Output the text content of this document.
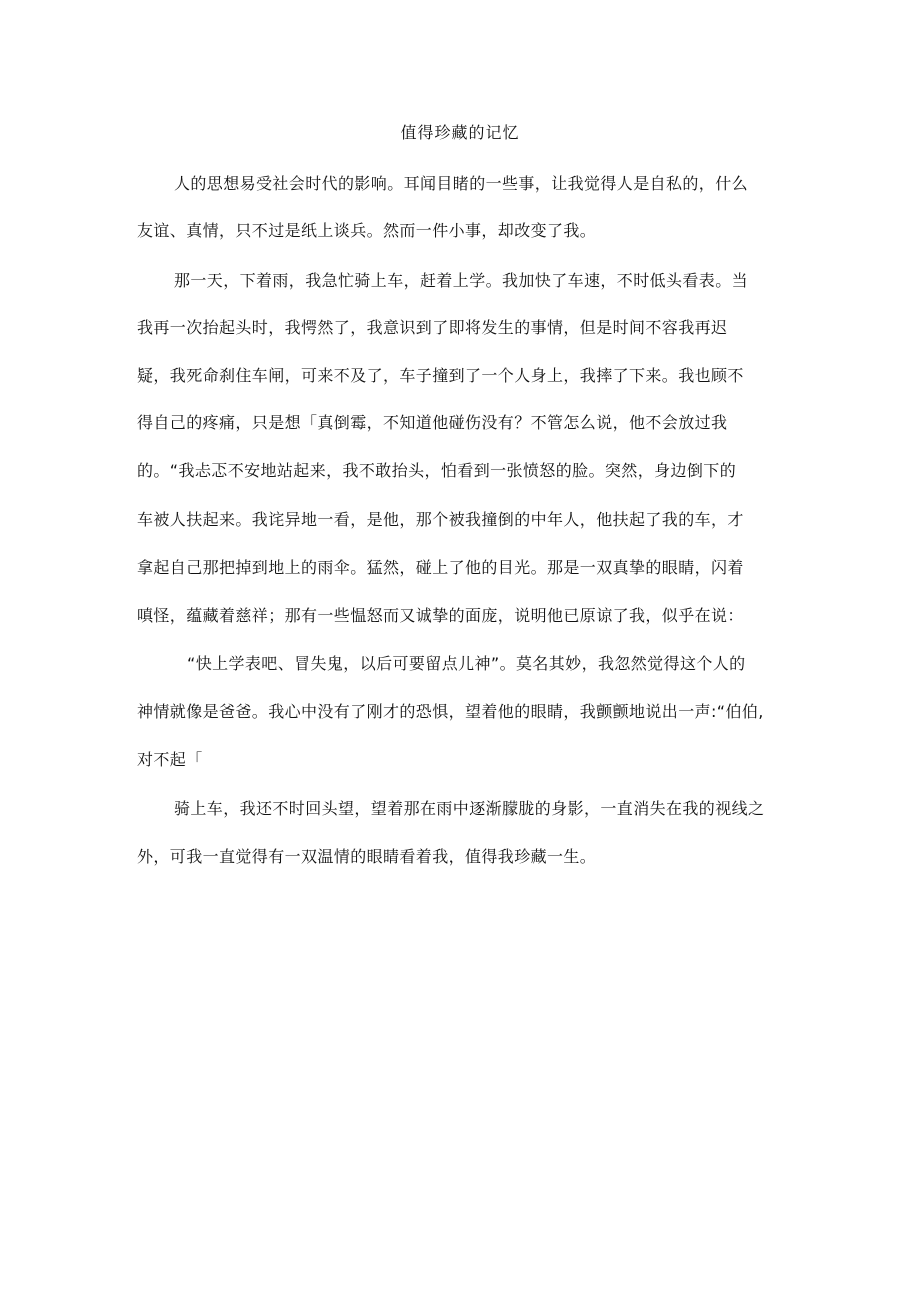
值得珍藏的记忆
人的思想易受社会时代的影响。耳闻目睹的一些事，让我觉得人是自私的，什么
友谊、真情，只不过是纸上谈兵。然而一件小事，却改变了我。
那一天，下着雨，我急忙骑上车，赶着上学。我加快了车速，不时低头看表。当
我再一次抬起头时，我愕然了，我意识到了即将发生的事情，但是时间不容我再迟
疑，我死命刹住车闸，可来不及了，车子撞到了一个人身上，我摔了下来。我也顾不
得自己的疼痛，只是想「真倒霉，不知道他碰伤没有？不管怎么说，他不会放过我
的。“我忐忑不安地站起来，我不敢抬头，怕看到一张愤怒的脸。突然，身边倒下的
车被人扶起来。我诧异地一看，是他，那个被我撞倒的中年人，他扶起了我的车，才
拿起自己那把掉到地上的雨伞。猛然，碰上了他的目光。那是一双真挚的眼睛，闪着
嗔怪，蕴藏着慈祥；那有一些愠怒而又诚挚的面庞，说明他已原谅了我，似乎在说：
“快上学表吧、冒失鬼，以后可要留点儿神”。莫名其妙，我忽然觉得这个人的
神情就像是爸爸。我心中没有了刚才的恐惧，望着他的眼睛，我颤颤地说出一声:“伯伯,
对不起「
骑上车，我还不时回头望，望着那在雨中逐渐朦胧的身影，一直消失在我的视线之
外，可我一直觉得有一双温情的眼睛看着我，值得我珍藏一生。
